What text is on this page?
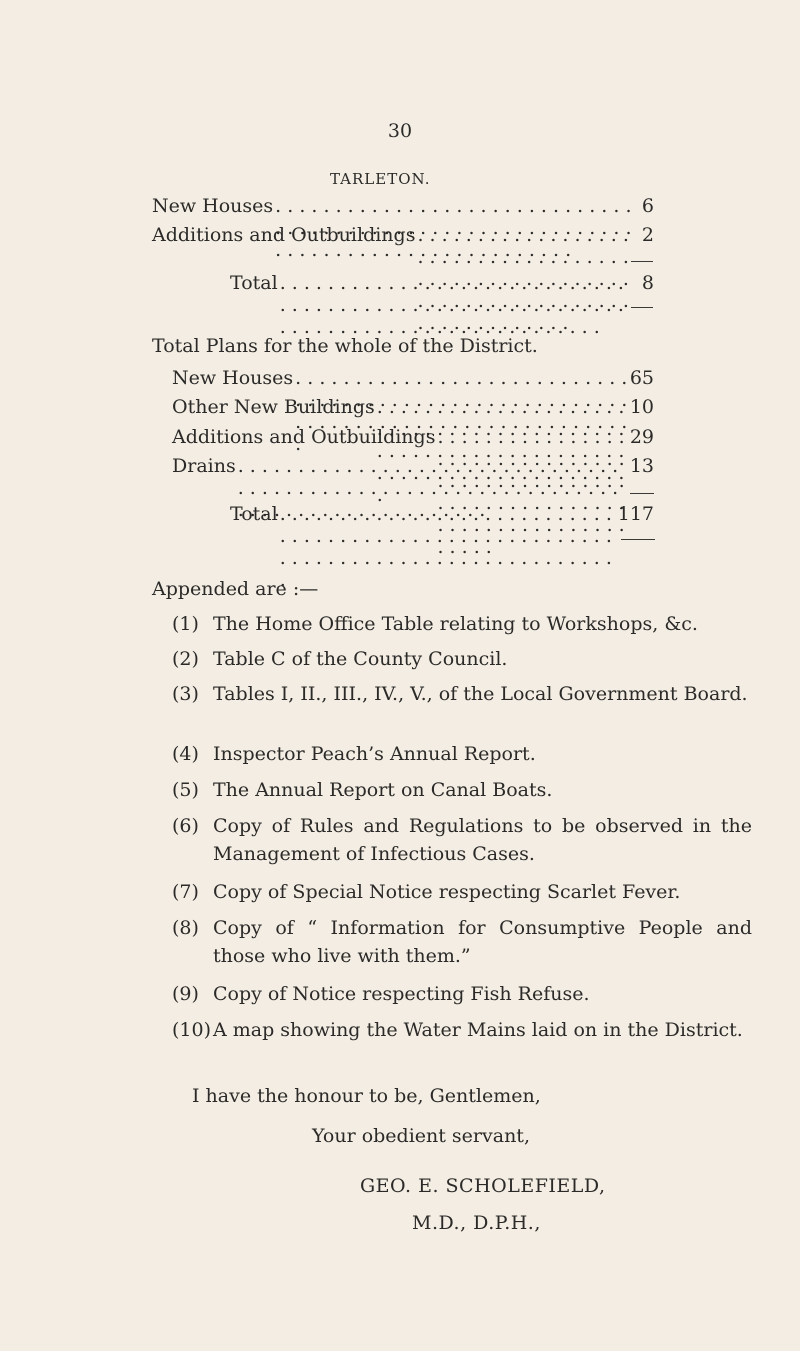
30
TARLETON.
New Houses . . .	6
Additions and Outbuildings . . .	2
Total . . .	8
Total Plans for the whole of the District.
New Houses . . .	65
Other New Buildings . . .	10
Additions and Outbuildings . . .	29
Drains . . .	13
Total . . .	117
Appended are :—
(1) The Home Office Table relating to Workshops, &c.
(2) Table C of the County Council.
(3) Tables I, II., III., IV., V., of the Local Government Board.
(4) Inspector Peach’s Annual Report.
(5) The Annual Report on Canal Boats.
(6) Copy of Rules and Regulations to be observed in the Management of Infectious Cases.
(7) Copy of Special Notice respecting Scarlet Fever.
(8) Copy of “ Information for Consumptive People and those who live with them.”
(9) Copy of Notice respecting Fish Refuse.
(10) A map showing the Water Mains laid on in the District.
I have the honour to be, Gentlemen,
Your obedient servant,
GEO. E. SCHOLEFIELD,
M.D., D.P.H.,
